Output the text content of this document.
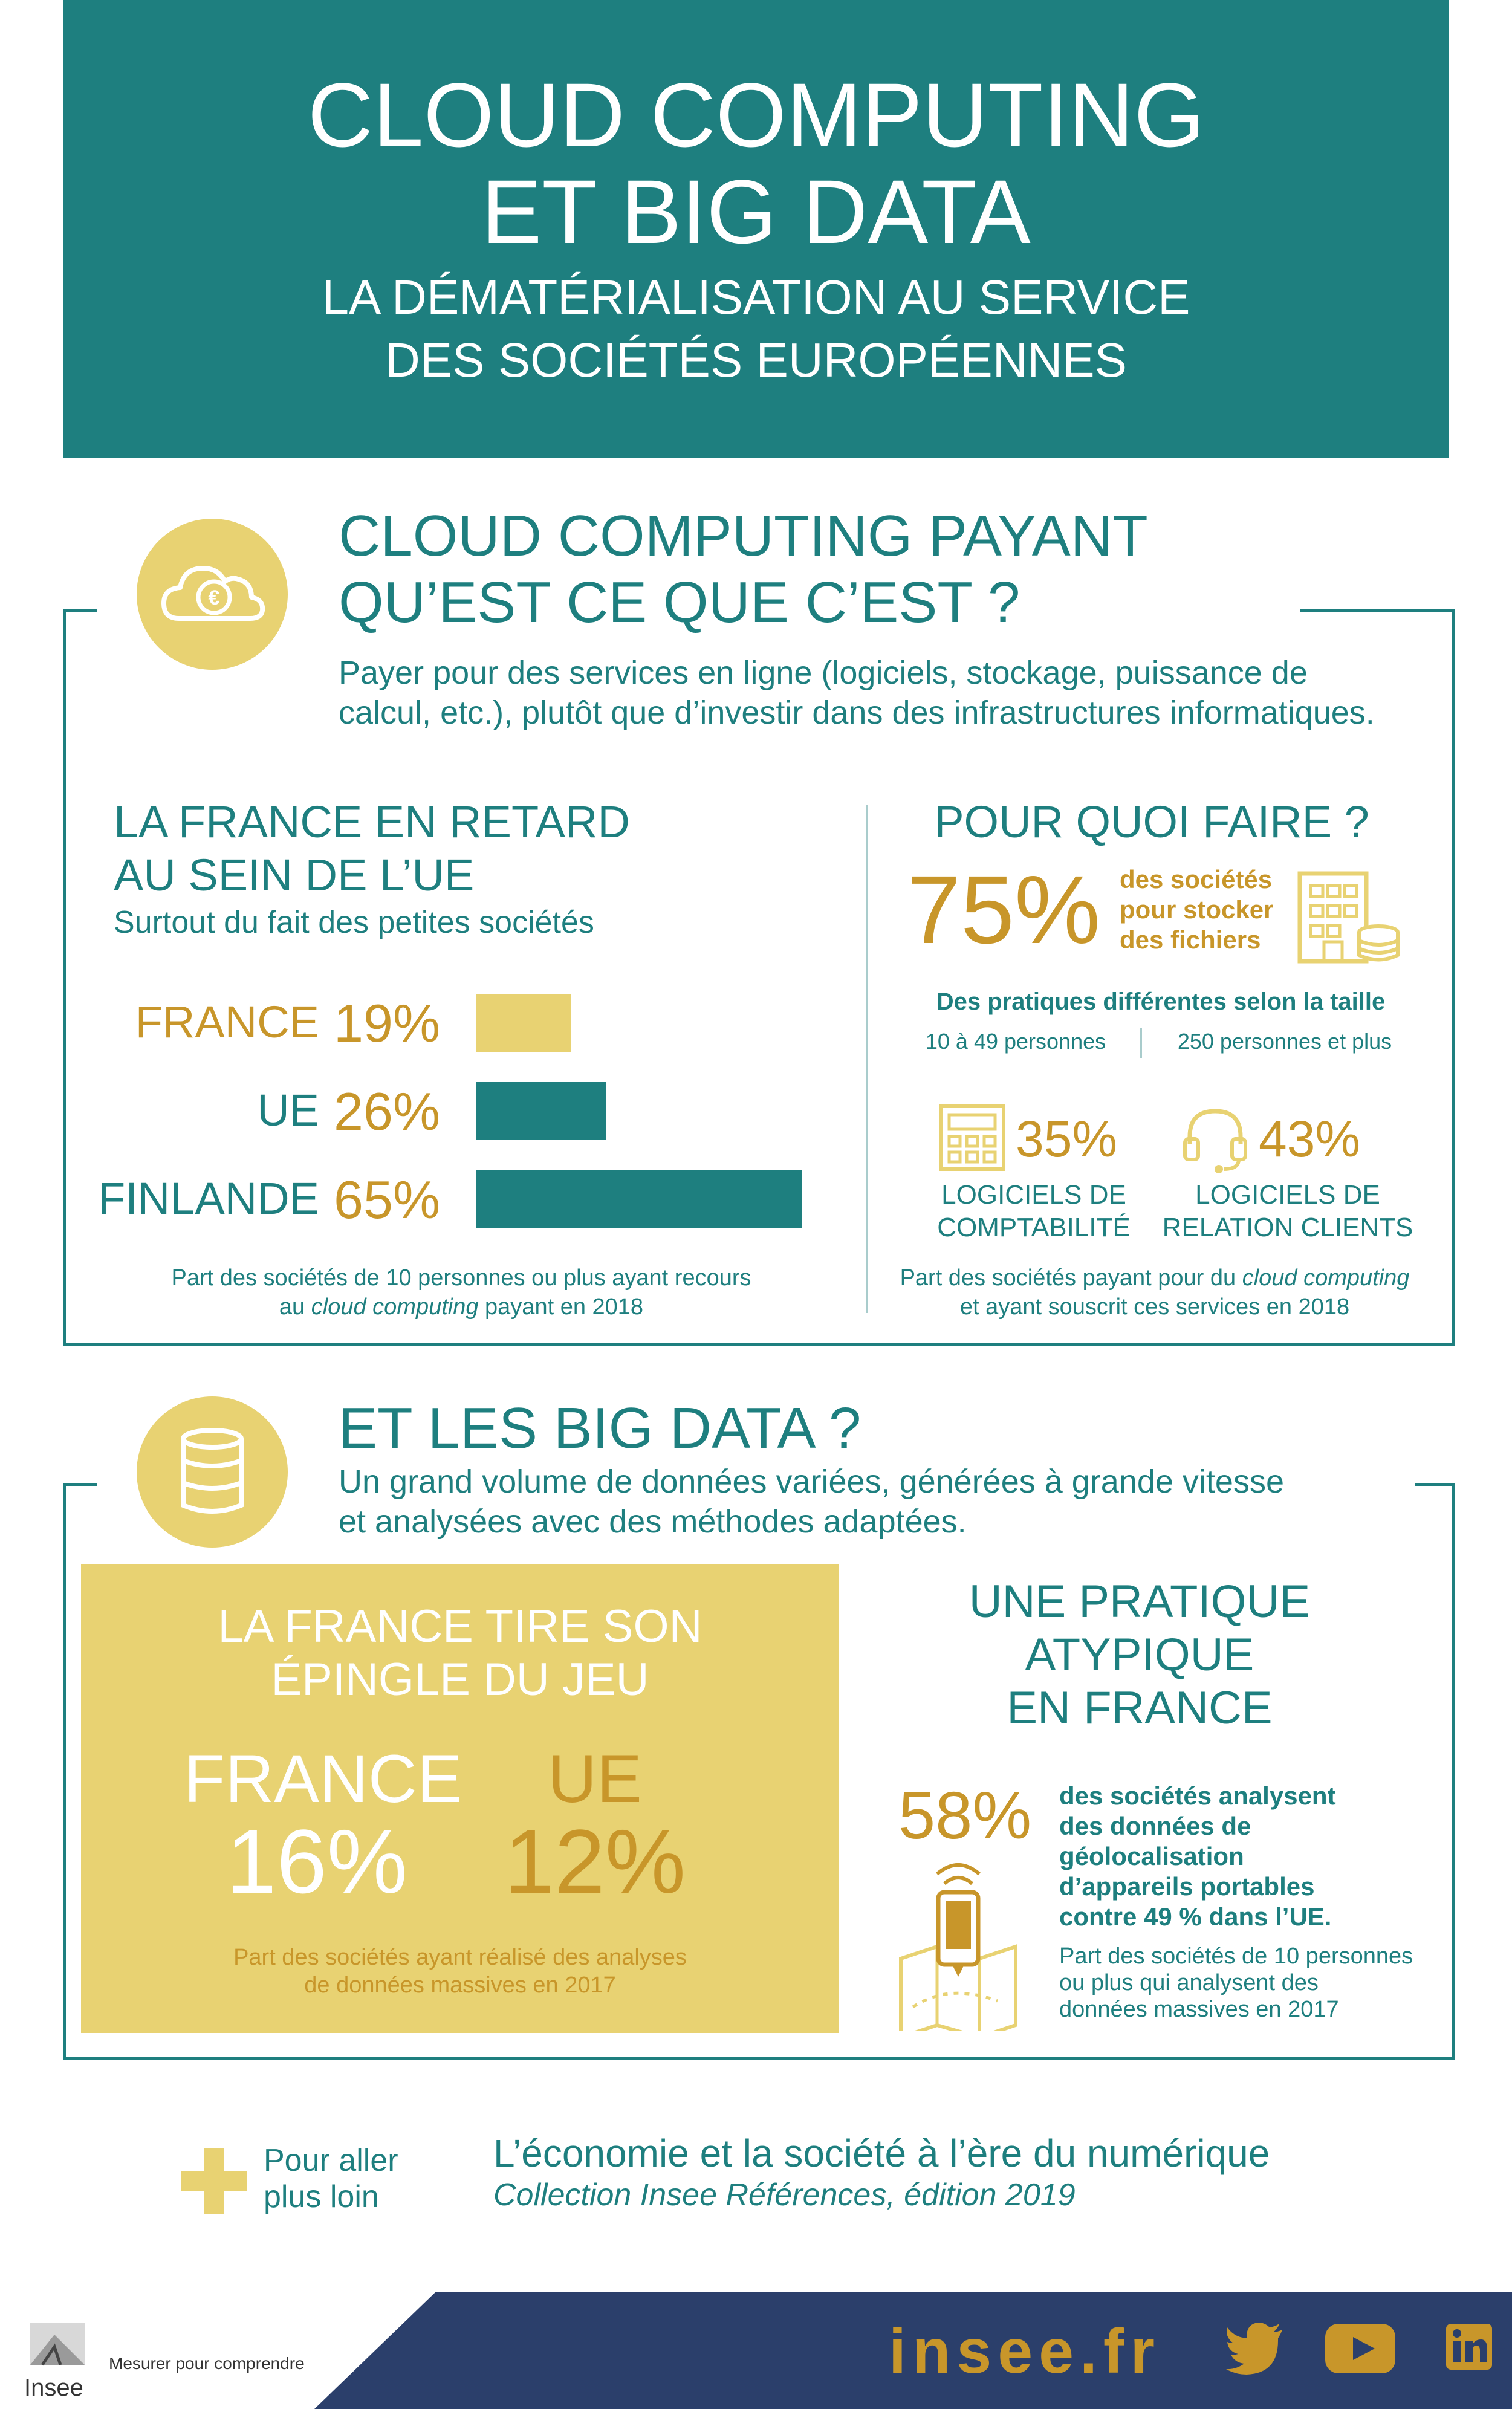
CLOUD COMPUTING
ET BIG DATA
LA DÉMATÉRIALISATION AU SERVICE
DES SOCIÉTÉS EUROPÉENNES
€
CLOUD COMPUTING PAYANT
QU’EST CE QUE C’EST ?
Payer pour des services en ligne (logiciels, stockage, puissance de
calcul, etc.), plutôt que d’investir dans des infrastructures informatiques.
LA FRANCE EN RETARD
AU SEIN DE L’UE
Surtout du fait des petites sociétés
FRANCE 19%
UE 26%
FINLANDE 65%
Part des sociétés de 10 personnes ou plus ayant recours
au cloud computing payant en 2018
POUR QUOI FAIRE ?
75% des sociétés
pour stocker
des fichiers
Des pratiques différentes selon la taille
10 à 49 personnes	250 personnes et plus
35%
LOGICIELS DE
COMPTABILITÉ
43%
LOGICIELS DE
RELATION CLIENTS
Part des sociétés payant pour du cloud computing
et ayant souscrit ces services en 2018
ET LES BIG DATA ?
Un grand volume de données variées, générées à grande vitesse
et analysées avec des méthodes adaptées.
LA FRANCE TIRE SON
ÉPINGLE DU JEU
FRANCE
16%
UE
12%
Part des sociétés ayant réalisé des analyses
de données massives en 2017
UNE PRATIQUE
ATYPIQUE
EN FRANCE
58% des sociétés analysent
des données de
géolocalisation
d’appareils portables
contre 49 % dans l’UE.
Part des sociétés de 10 personnes
ou plus qui analysent des
données massives en 2017
Pour aller
plus loin
L’économie et la société à l’ère du numérique
Collection Insee Références, édition 2019
Insee
Mesurer pour comprendre	insee.fr
